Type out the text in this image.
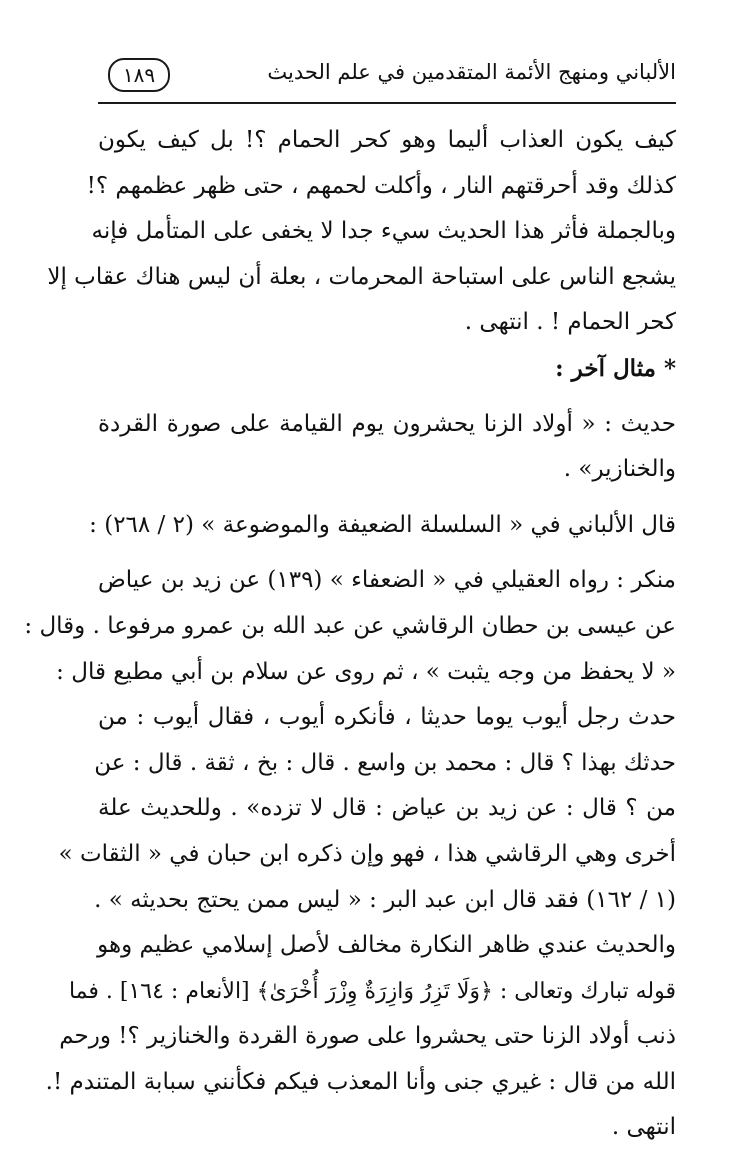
١٨٩	الألباني ومنهج الأئمة المتقدمين في علم الحديث
كيف يكون العذاب أليما وهو كحر الحمام ؟! بل كيف يكون
كذلك وقد أحرقتهم النار ، وأكلت لحمهم ، حتى ظهر عظمهم ؟!
وبالجملة فأثر هذا الحديث سيء جدا لا يخفى على المتأمل فإنه
يشجع الناس على استباحة المحرمات ، بعلة أن ليس هناك عقاب إلا
كحر الحمام ! . انتهى .
* مثال آخر :
حديث : « أولاد الزنا يحشرون يوم القيامة على صورة القردة
والخنازير» .
قال الألباني في « السلسلة الضعيفة والموضوعة » (٢ / ٢٦٨) :
منكر : رواه العقيلي في « الضعفاء » (١٣٩) عن زيد بن عياض
عن عيسى بن حطان الرقاشي عن عبد الله بن عمرو مرفوعا . وقال :
« لا يحفظ من وجه يثبت » ، ثم روى عن سلام بن أبي مطيع قال :
حدث رجل أيوب يوما حديثا ، فأنكره أيوب ، فقال أيوب : من
حدثك بهذا ؟ قال : محمد بن واسع . قال : بخ ، ثقة . قال : عن
من ؟ قال : عن زيد بن عياض : قال لا تزده» . وللحديث علة
أخرى وهي الرقاشي هذا ، فهو وإن ذكره ابن حبان في « الثقات »
(١ / ١٦٢) فقد قال ابن عبد البر : « ليس ممن يحتج بحديثه » .
والحديث عندي ظاهر النكارة مخالف لأصل إسلامي عظيم وهو
قوله تبارك وتعالى : ﴿وَلَا تَزِرُ وَازِرَةٌ وِزْرَ أُخْرَىٰ﴾ [الأنعام : ١٦٤] . فما
ذنب أولاد الزنا حتى يحشروا على صورة القردة والخنازير ؟! ورحم
الله من قال : غيري جنى وأنا المعذب فيكم فكأنني سبابة المتندم !.
انتهى .
